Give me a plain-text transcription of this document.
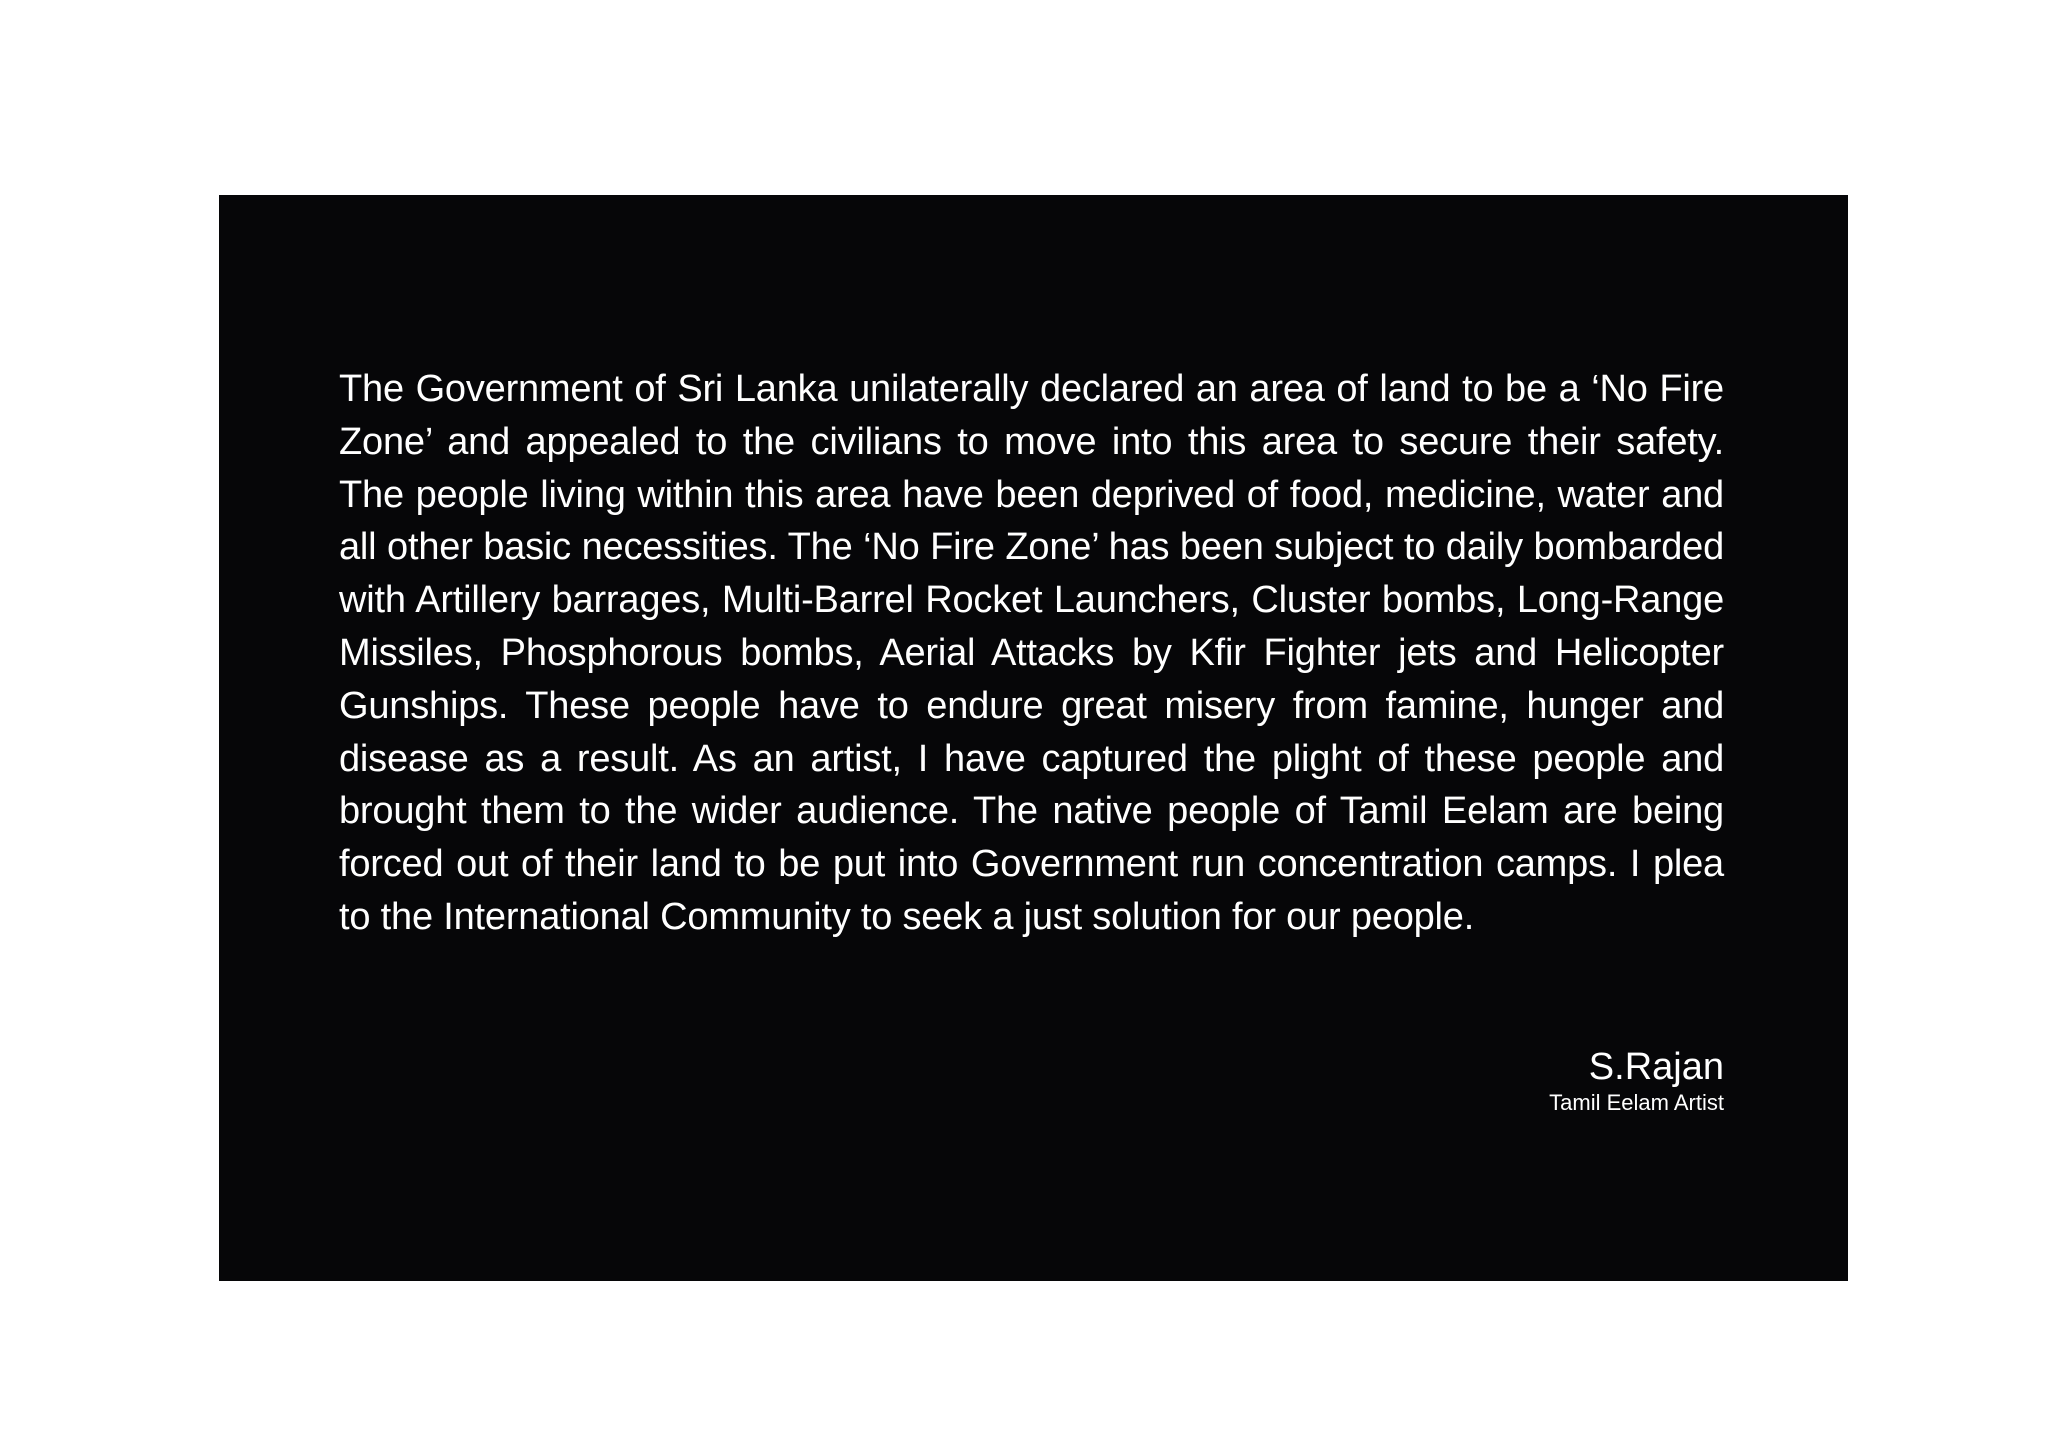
The Government of Sri Lanka unilaterally declared an area of land to be a ‘No Fire Zone’ and appealed to the civilians to move into this area to secure their safety. The people living within this area have been deprived of food, medicine, water and all other basic necessities. The ‘No Fire Zone’ has been subject to daily bombarded with Artillery barrages, Multi-Barrel Rocket Launchers, Cluster bombs, Long-Range Missiles, Phosphorous bombs, Aerial Attacks by Kfir Fighter jets and Helicopter Gunships. These people have to endure great misery from famine, hunger and disease as a result. As an artist, I have captured the plight of these people and brought them to the wider audience. The native people of Tamil Eelam are being forced out of their land to be put into Government run concentration camps. I plea to the International Community to seek a just solution for our people.

S.Rajan
Tamil Eelam Artist
